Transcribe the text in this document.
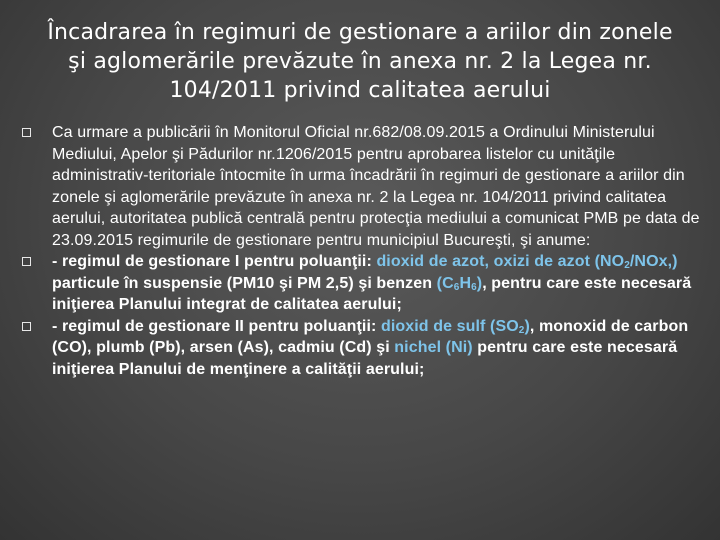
Încadrarea în regimuri de gestionare a ariilor din zonele şi aglomerările prevăzute în anexa nr. 2 la Legea nr. 104/2011 privind calitatea aerului
Ca urmare a publicării în Monitorul Oficial nr.682/08.09.2015 a Ordinului Ministerului Mediului, Apelor şi Pădurilor nr.1206/2015 pentru aprobarea listelor cu unităţile administrativ-teritoriale întocmite în urma încadrării în regimuri de gestionare a ariilor din zonele şi aglomerările prevăzute în anexa nr. 2 la Legea nr. 104/2011 privind calitatea aerului, autoritatea publică centrală pentru protecţia mediului a comunicat PMB pe data de 23.09.2015 regimurile de gestionare pentru municipiul Bucureşti, şi anume:
- regimul de gestionare I pentru poluanţii: dioxid de azot, oxizi de azot $(NO_2/NOx,)$ particule în suspensie (PM10 şi PM 2,5) şi benzen $(C_6H_6)$, pentru care este necesară iniţierea Planului integrat de calitatea aerului;
- regimul de gestionare II pentru poluanţii: dioxid de sulf $(SO_2)$, monoxid de carbon (CO), plumb (Pb), arsen (As), cadmiu (Cd) şi nichel (Ni) pentru care este necesară iniţierea Planului de menţinere a calităţii aerului;
